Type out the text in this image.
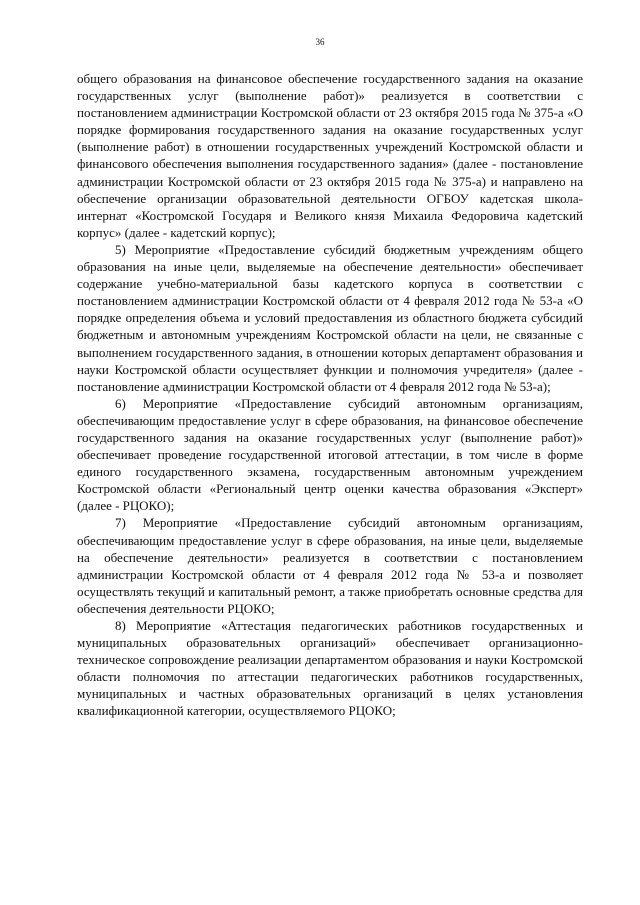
36

общего образования на финансовое обеспечение государственного задания на оказание государственных услуг (выполнение работ)» реализуется в соответствии с постановлением администрации Костромской области от 23 октября 2015 года № 375-а «О порядке формирования государственного задания на оказание государственных услуг (выполнение работ) в отношении государственных учреждений Костромской области и финансового обеспечения выполнения государственного задания» (далее - постановление администрации Костромской области от 23 октября 2015 года № 375-а) и направлено на обеспечение организации образовательной деятельности ОГБОУ кадетская школа-интернат «Костромской Государя и Великого князя Михаила Федоровича кадетский корпус» (далее - кадетский корпус);

5) Мероприятие «Предоставление субсидий бюджетным учреждениям общего образования на иные цели, выделяемые на обеспечение деятельности» обеспечивает содержание учебно-материальной базы кадетского корпуса в соответствии с постановлением администрации Костромской области от 4 февраля 2012 года № 53-а «О порядке определения объема и условий предоставления из областного бюджета субсидий бюджетным и автономным учреждениям Костромской области на цели, не связанные с выполнением государственного задания, в отношении которых департамент образования и науки Костромской области осуществляет функции и полномочия учредителя» (далее - постановление администрации Костромской области от 4 февраля 2012 года № 53-а);

6) Мероприятие «Предоставление субсидий автономным организациям, обеспечивающим предоставление услуг в сфере образования, на финансовое обеспечение государственного задания на оказание государственных услуг (выполнение работ)» обеспечивает проведение государственной итоговой аттестации, в том числе в форме единого государственного экзамена, государственным автономным учреждением Костромской области «Региональный центр оценки качества образования «Эксперт» (далее - РЦОКО);

7) Мероприятие «Предоставление субсидий автономным организациям, обеспечивающим предоставление услуг в сфере образования, на иные цели, выделяемые на обеспечение деятельности» реализуется в соответствии с постановлением администрации Костромской области от 4 февраля 2012 года № 53-а и позволяет осуществлять текущий и капитальный ремонт, а также приобретать основные средства для обеспечения деятельности РЦОКО;

8) Мероприятие «Аттестация педагогических работников государственных и муниципальных образовательных организаций» обеспечивает организационно-техническое сопровождение реализации департаментом образования и науки Костромской области полномочия по аттестации педагогических работников государственных, муниципальных и частных образовательных организаций в целях установления квалификационной категории, осуществляемого РЦОКО;
